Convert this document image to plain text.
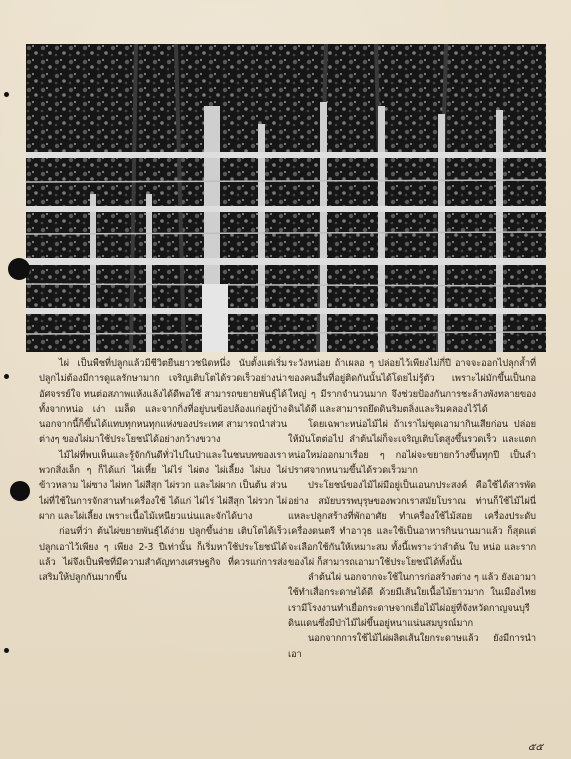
ไผ่ เป็นพืชที่ปลูกแล้วมีชีวิตยืนยาวชนิดหนึ่ง นับตั้งแต่เริ่มปลูกไม่ต้องมีการดูแลรักษามาก เจริญเติบโตได้รวดเร็วอย่างน่าอัศจรรย์ใจ ทนต่อสภาพแห้งแล้งได้ดีพอใช้ สามารถขยายพันธุ์ได้ทั้งจากหน่อ เง่า เมล็ด และจากกิ่งที่อยู่บนข้อปล้องแก่อยู่บ้าง นอกจากนี้ก็ขึ้นได้แทบทุกหนทุกแห่งของประเทศ สามารถนำส่วนต่างๆ ของไผ่มาใช้ประโยชน์ได้อย่างกว้างขวาง

ไม้ไผ่ที่พบเห็นและรู้จักกันดีทั่วไปในป่าและในชนบทของเราพวกสิ่งเล็ก ๆ ก็ได้แก่ ไผ่เหี้ย ไผ่ไร่ ไผ่ตง ไผ่เลี้ยง ไผ่บง ไผ่ข้าวหลาม ไผ่ซาง ไผ่หก ไผ่สีสุก ไผ่รวก และไผ่ผาก เป็นต้น ส่วนไผ่ที่ใช้ในการจักสานทำเครื่องใช้ ได้แก่ ไผ่ไร่ ไผ่สีสุก ไผ่รวก ไผ่ผาก และไผ่เลี้ยง เพราะเนื้อไม้เหนียวแน่นและจักได้บาง

ก่อนที่ว่า ต้นไผ่ขยายพันธุ์ได้ง่าย ปลูกขึ้นง่าย เติบโตได้เร็ว ปลูกเอาไว้เพียง ๆ เพียง 2-3 ปีเท่านั้น ก็เริ่มหาใช้ประโยชน์ได้แล้ว ไผ่จึงเป็นพืชที่มีความสำคัญทางเศรษฐกิจ ที่ควรแก่การส่งเสริมให้ปลูกกันมากขึ้น

ระวังหน่อย ถ้าเผลอ ๆ ปล่อยไว้เพียงไม่กี่ปี อาจจะออกไปลุกล้ำที่ของคนอื่นที่อยู่ติดกันนั้นได้โดยไม่รู้ตัว เพราะไผ่มักขึ้นเป็นกอใหญ่ ๆ มีรากจำนวนมาก จึงช่วยป้องกันการชะล้างพังทลายของดินได้ดี และสามารถยึดดินริมตลิ่งและริมคลองไว้ได้

โดยเฉพาะหน่อไม้ไผ่ ถ้าเราไม่ขุดเอามากินเสียก่อน ปล่อยให้มันโตต่อไป ลำต้นไผ่ก็จะเจริญเติบโตสูงขึ้นรวดเร็ว และแตกหน่อใหม่ออกมาเรื่อย ๆ กอไผ่จะขยายกว้างขึ้นทุกปี เป็นลำปราศจากหนามขึ้นได้รวดเร็วมาก

ประโยชน์ของไม้ไผ่มีอยู่เป็นเอนกประสงค์ คือใช้ได้สารพัดอย่าง สมัยบรรพบุรุษของพวกเราสมัยโบราณ ท่านก็ใช้ไม้ไผ่นี่แหละปลูกสร้างที่พักอาศัย ทำเครื่องใช้ไม้สอย เครื่องประดับ เครื่องดนตรี ทำอาวุธ และใช้เป็นอาหารกินนานมาแล้ว ก็สุดแต่จะเลือกใช้กันให้เหมาะสม ทั้งนี้เพราะว่าลำต้น ใบ หน่อ และรากของไผ่ ก็สามารถเอามาใช้ประโยชน์ได้ทั้งนั้น

ลำต้นไผ่ นอกจากจะใช้ในการก่อสร้างต่าง ๆ แล้ว ยังเอามาใช้ทำเสื่อกระดาษได้ดี ด้วยมีเส้นใยเนื้อไม้ยาวมาก ในเมืองไทยเรามีโรงงานทำเยื่อกระดาษจากเยื่อไม้ไผ่อยู่ที่จังหวัดกาญจนบุรี ดินแดนซึ่งมีป่าไม้ไผ่ขึ้นอยู่หนาแน่นสมบูรณ์มาก

นอกจากการใช้ไม้ไผ่ผลิตเส้นใยกระดาษแล้ว ยังมีการนำเอา

๕๕
